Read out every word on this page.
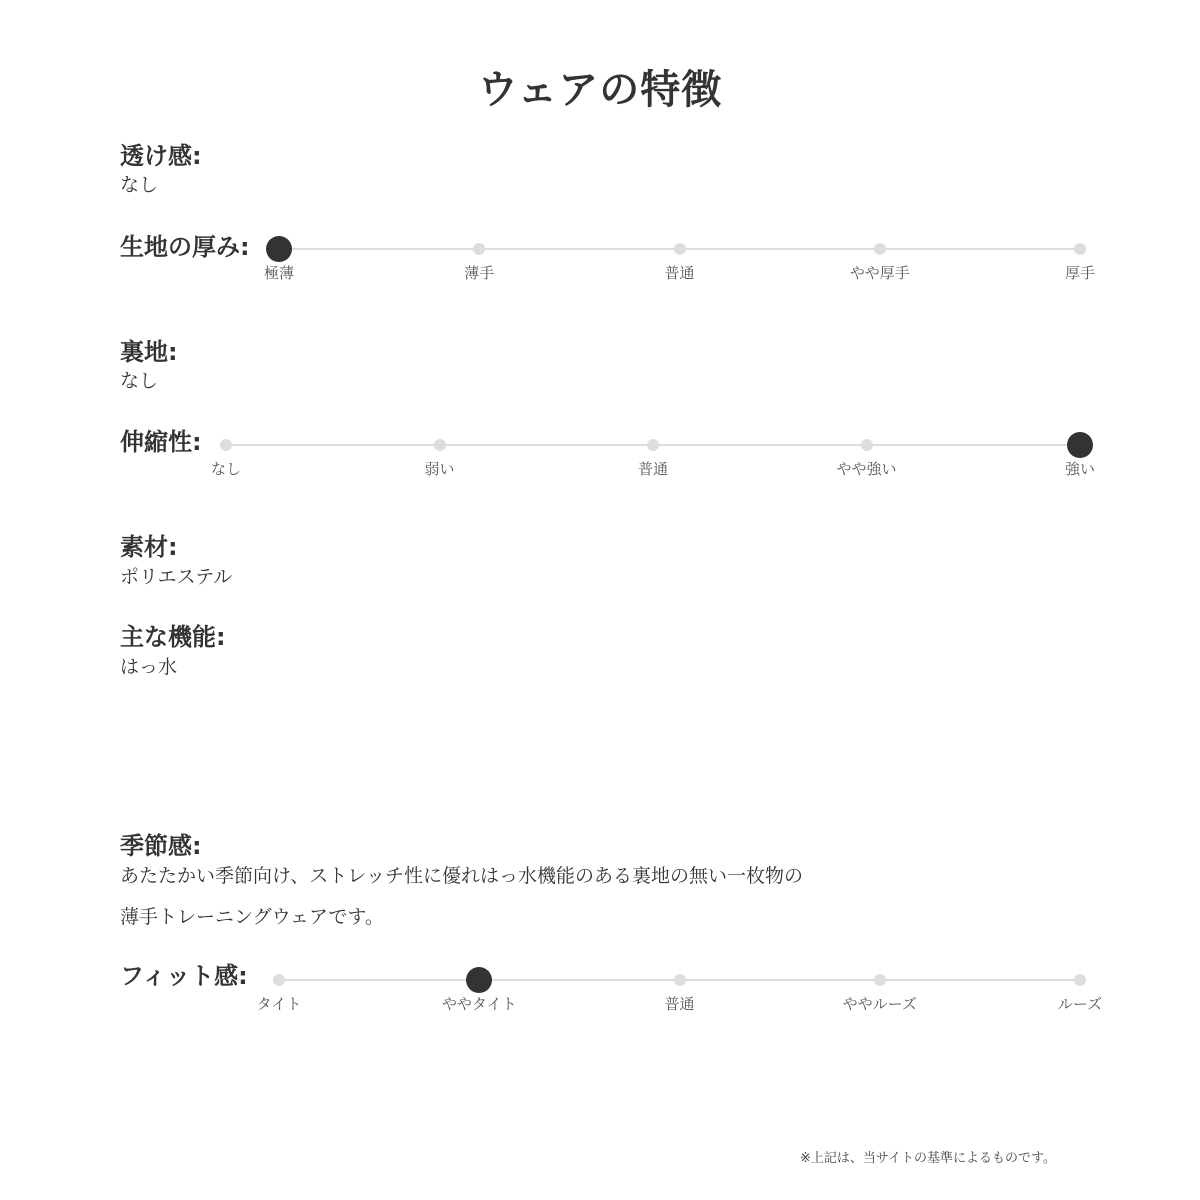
ウェアの特徴
透け感:
なし
生地の厚み:
極薄	薄手	普通	やや厚手	厚手
裏地:
なし
伸縮性:
なし	弱い	普通	やや強い	強い
素材:
ポリエステル
主な機能:
はっ水
季節感:
あたたかい季節向け、ストレッチ性に優れはっ水機能のある裏地の無い一枚物の
薄手トレーニングウェアです。
フィット感:
タイト	ややタイト	普通	ややルーズ	ルーズ
※上記は、当サイトの基準によるものです。
